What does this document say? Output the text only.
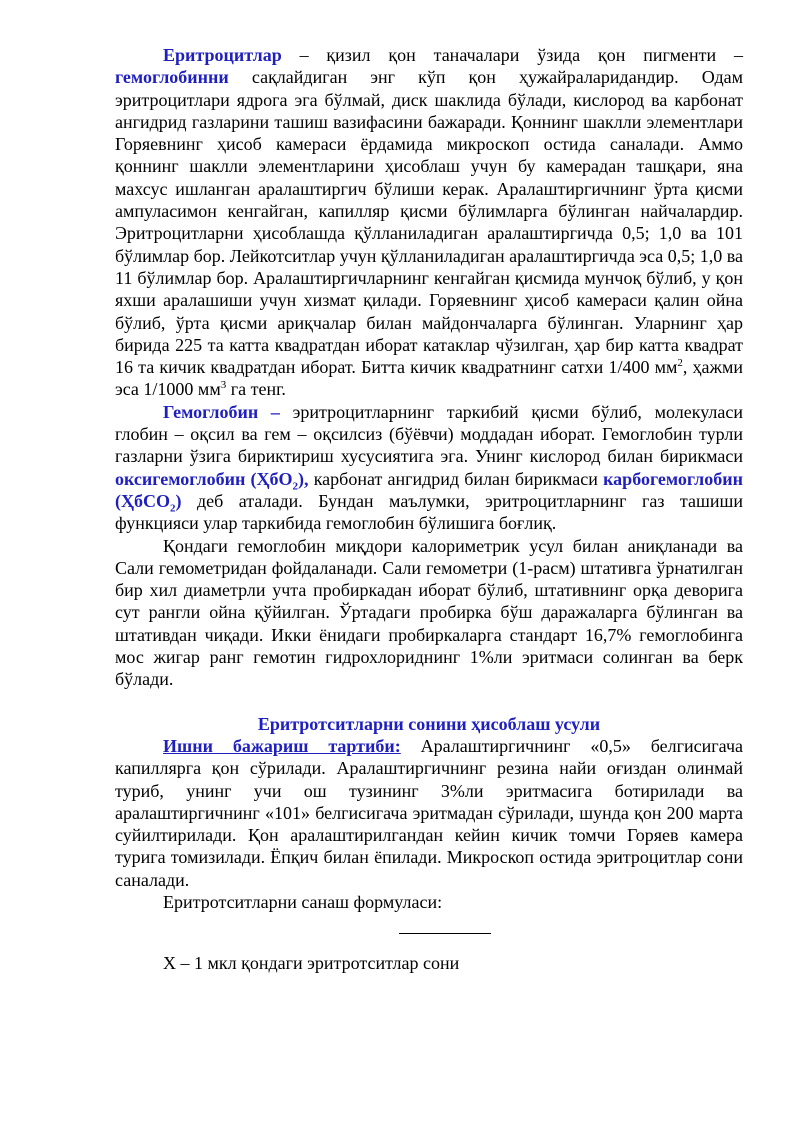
Еритроцитлар – қизил қон таначалари ўзида қон пигменти – гемоглобинни сақлайдиган энг кўп қон ҳужайраларидандир. Одам эритроцитлари ядрога эга бўлмай, диск шаклида бўлади, кислород ва карбонат ангидрид газларини ташиш вазифасини бажаради. Қоннинг шаклли элементлари Горяевнинг ҳисоб камераси ёрдамида микроскоп остида саналади. Аммо қоннинг шаклли элементларини ҳисоблаш учун бу камерадан ташқари, яна махсус ишланган аралаштиргич бўлиши керак. Аралаштиргичнинг ўрта қисми ампуласимон кенгайган, капилляр қисми бўлимларга бўлинган найчалардир. Эритроцитларни ҳисоблашда қўлланиладиган аралаштиргичда 0,5; 1,0 ва 101 бўлимлар бор. Лейкотситлар учун қўлланиладиган аралаштиргичда эса 0,5; 1,0 ва 11 бўлимлар бор. Аралаштиргичларнинг кенгайган қисмида мунчоқ бўлиб, у қон яхши аралашиши учун хизмат қилади. Горяевнинг ҳисоб камераси қалин ойна бўлиб, ўрта қисми ариқчалар билан майдончаларга бўлинган. Уларнинг ҳар бирида 225 та катта квадратдан иборат катаклар чўзилган, ҳар бир катта квадрат 16 та кичик квадратдан иборат. Битта кичик квадратнинг сатхи 1/400 $мм^2$, ҳажми эса 1/1000 $мм^3$ га тенг.

Гемоглобин – эритроцитларнинг таркибий қисми бўлиб, молекуласи глобин – оқсил ва гем – оқсилсиз (бўёвчи) моддадан иборат. Гемоглобин турли газларни ўзига бириктириш хусусиятига эга. Унинг кислород билан бирикмаси оксигемоглобин (ҲбО$_2$), карбонат ангидрид билан бирикмаси карбогемоглобин (ҲбСО$_2$) деб аталади. Бундан маълумки, эритроцитларнинг газ ташиши функцияси улар таркибида гемоглобин бўлишига боғлиқ.

Қондаги гемоглобин миқдори калориметрик усул билан аниқланади ва Сали гемометридан фойдаланади. Сали гемометри (1-расм) штативга ўрнатилган бир хил диаметрли учта пробиркадан иборат бўлиб, штативнинг орқа деворига сут рангли ойна қўйилган. Ўртадаги пробирка бўш даражаларга бўлинган ва штативдан чиқади. Икки ёнидаги пробиркаларга стандарт 16,7% гемоглобинга мос жигар ранг гемотин гидрохлориднинг 1%ли эритмаси солинган ва берк бўлади.

Еритротситларни сонини ҳисоблаш усули

Ишни бажариш тартиби: Аралаштиргичнинг «0,5» белгисигача капиллярга қон сўрилади. Аралаштиргичнинг резина найи оғиздан олинмай туриб, унинг учи ош тузининг 3%ли эритмасига ботирилади ва аралаштиргичнинг «101» белгисигача эритмадан сўрилади, шунда қон 200 марта суйилтирилади. Қон аралаштирилгандан кейин кичик томчи Горяев камера турига томизилади. Ёпқич билан ёпилади. Микроскоп остида эритроцитлар сони саналади.

Еритротситларни санаш формуласи:

X – 1 мкл қондаги эритротситлар сони
